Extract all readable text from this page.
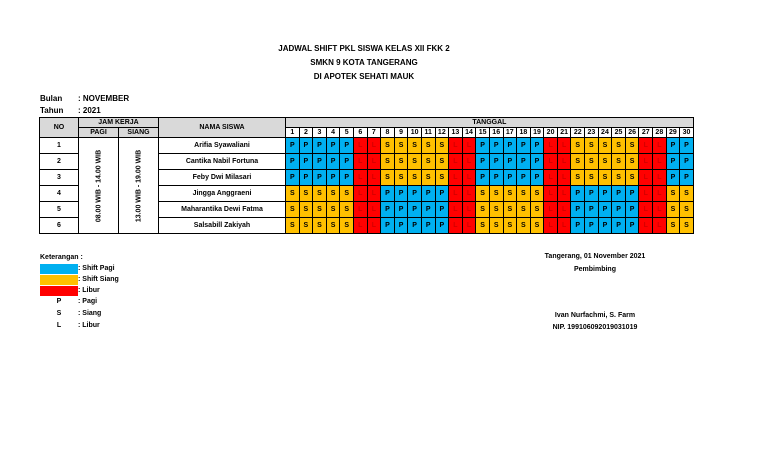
JADWAL SHIFT PKL SISWA KELAS XII FKK 2
SMKN 9 KOTA TANGERANG
DI APOTEK SEHATI MAUK
Bulan : NOVEMBER
Tahun : 2021
NO	JAM KERJA		NAMA SISWA	TANGGAL																													
	PAGI	SIANG		1	2	3	4	5	6	7	8	9	10	11	12	13	14	15	16	17	18	19	20	21	22	23	24	25	26	27	28	29	30
1	08.00 WIB - 14.00 WIB	13.00 WIB - 19.00 WIB	Arifia Syawaliani	P	P	P	P	P	L	L	S	S	S	S	S	L	L	P	P	P	P	P	L	L	S	S	S	S	S	L	L	P	P
2			Cantika Nabil Fortuna	P	P	P	P	P	L	L	S	S	S	S	S	L	L	P	P	P	P	P	L	L	S	S	S	S	S	L	L	P	P
3			Feby Dwi Milasari	P	P	P	P	P	L	L	S	S	S	S	S	L	L	P	P	P	P	P	L	L	S	S	S	S	S	L	L	P	P
4			Jingga Anggraeni	S	S	S	S	S	L	L	P	P	P	P	P	L	L	S	S	S	S	S	L	L	P	P	P	P	P	L	L	S	S
5			Maharantika Dewi Fatma	S	S	S	S	S	L	L	P	P	P	P	P	L	L	S	S	S	S	S	L	L	P	P	P	P	P	L	L	S	S
6			Salsabill Zakiyah	S	S	S	S	S	L	L	P	P	P	P	P	L	L	S	S	S	S	S	L	L	P	P	P	P	P	L	L	S	S
Keterangan :
: Shift Pagi
: Shift Siang
: Libur
P	: Pagi
S	: Siang
L	: Libur
Tangerang, 01 November 2021
Pembimbing
Ivan Nurfachmi, S. Farm
NIP. 199106092019031019
